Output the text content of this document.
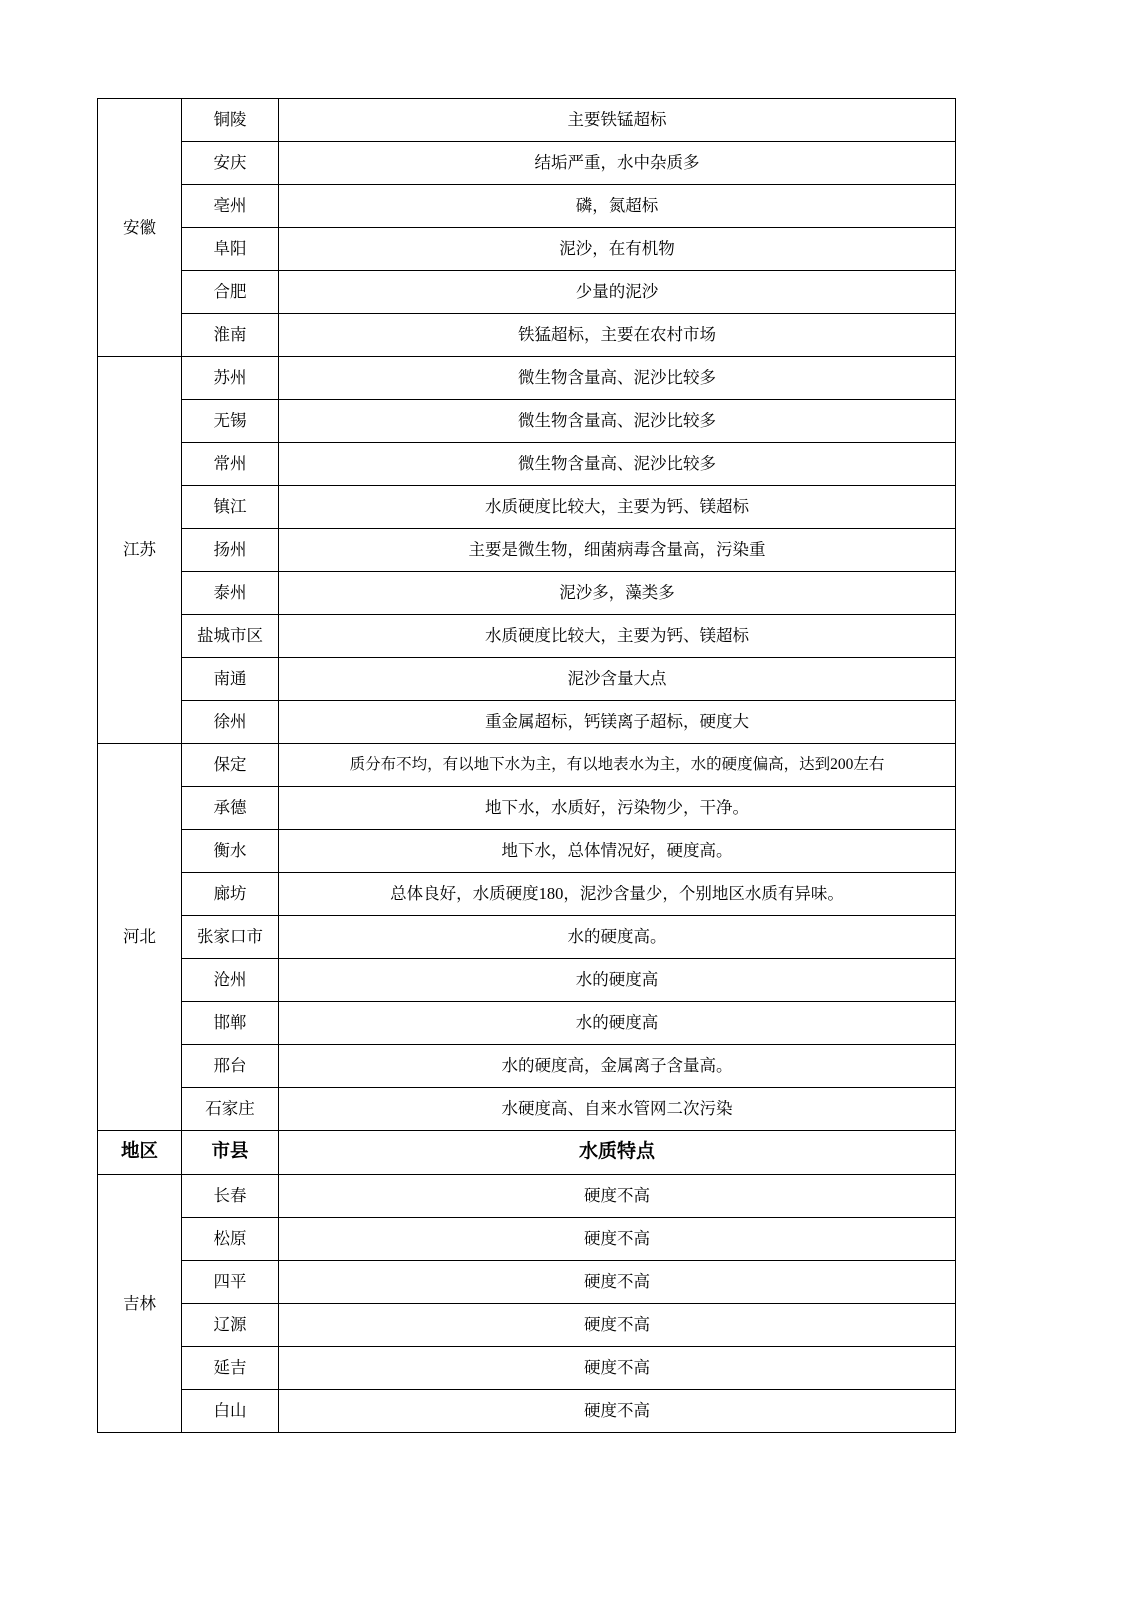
安徽	铜陵	主要铁锰超标
	安庆	结垢严重，水中杂质多
	亳州	磷，氮超标
	阜阳	泥沙，在有机物
	合肥	少量的泥沙
	淮南	铁猛超标，主要在农村市场
江苏	苏州	微生物含量高、泥沙比较多
	无锡	微生物含量高、泥沙比较多
	常州	微生物含量高、泥沙比较多
	镇江	水质硬度比较大，主要为钙、镁超标
	扬州	主要是微生物，细菌病毒含量高，污染重
	泰州	泥沙多，藻类多
	盐城市区	水质硬度比较大，主要为钙、镁超标
	南通	泥沙含量大点
	徐州	重金属超标，钙镁离子超标，硬度大
河北	保定	质分布不均，有以地下水为主，有以地表水为主，水的硬度偏高，达到200左右
	承德	地下水，水质好，污染物少，干净。
	衡水	地下水，总体情况好，硬度高。
	廊坊	总体良好，水质硬度180，泥沙含量少，个别地区水质有异味。
	张家口市	水的硬度高。
	沧州	水的硬度高
	邯郸	水的硬度高
	邢台	水的硬度高，金属离子含量高。
	石家庄	水硬度高、自来水管网二次污染
地区	市县	水质特点
吉林	长春	硬度不高
	松原	硬度不高
	四平	硬度不高
	辽源	硬度不高
	延吉	硬度不高
	白山	硬度不高
